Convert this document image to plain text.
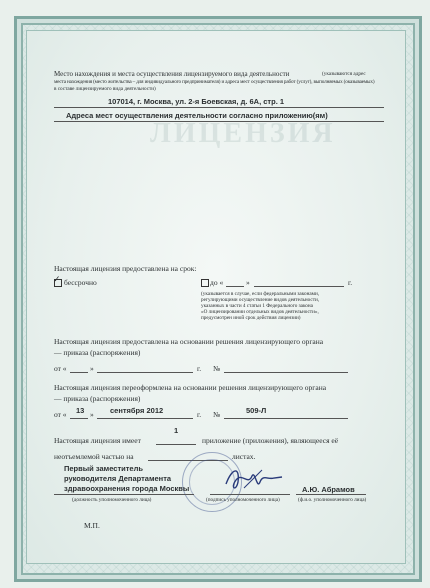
ЛИЦЕНЗИЯ
Место нахождения и места осуществления лицензируемого вида деятельности	(указываются адрес
места нахождения (место жительства – для индивидуального предпринимателя) и адреса мест осуществления работ (услуг), выполняемых (оказываемых)
в составе лицензируемого вида деятельности)
107014, г. Москва, ул. 2-я Боевская, д. 6А, стр. 1
Адреса мест осуществления деятельности согласно приложению(ям)
Настоящая лицензия предоставлена на срок:
✓ бессрочно	до «	»	г.
(указывается в случае, если федеральными законами,
регулирующими осуществление видов деятельности,
указанных в части 4 статьи 1 Федерального закона
«О лицензировании отдельных видов деятельности»,
предусмотрен иной срок действия лицензии)
Настоящая лицензия предоставлена на основании решения лицензирующего органа
— приказа (распоряжения)
от «	»	г. №
Настоящая лицензия переоформлена на основании решения лицензирующего органа
— приказа (распоряжения)
от « 13 » сентября 2012	г. №	509-Л
Настоящая лицензия имеет
1
приложение (приложения), являющееся её
неотъемлемой частью на	листах.
Первый заместитель
руководителя Департамента
здравоохранения города Москвы	А.Ю. Абрамов
(должность уполномоченного лица)	(подпись уполномоченного лица)	(ф.и.о. уполномоченного лица)
М.П.
